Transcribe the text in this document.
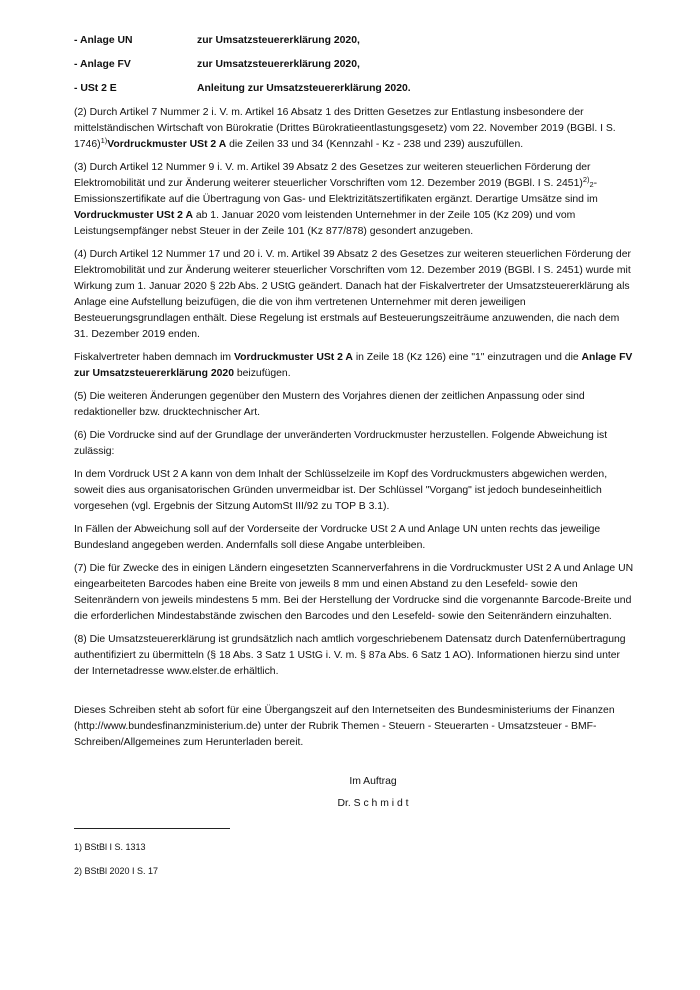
- Anlage UN	zur Umsatzsteuererklärung 2020,
- Anlage FV	zur Umsatzsteuererklärung 2020,
- USt 2 E	Anleitung zur Umsatzsteuererklärung 2020.

(2) Durch Artikel 7 Nummer 2 i. V. m. Artikel 16 Absatz 1 des Dritten Gesetzes zur Entlastung insbesondere der mittelständischen Wirtschaft von Bürokratie (Drittes Bürokratieentlastungsgesetz) vom 22. November 2019 (BGBl. I S. 1746)$^{1)}$Vordruckmuster USt 2 A die Zeilen 33 und 34 (Kennzahl - Kz - 238 und 239) auszufüllen.

(3) Durch Artikel 12 Nummer 9 i. V. m. Artikel 39 Absatz 2 des Gesetzes zur weiteren steuerlichen Förderung der Elektromobilität und zur Änderung weiterer steuerlicher Vorschriften vom 12. Dezember 2019 (BGBl. I S. 2451)$^{2)}$2-Emissionszertifikate auf die Übertragung von Gas- und Elektrizitätszertifikaten ergänzt. Derartige Umsätze sind im Vordruckmuster USt 2 A ab 1. Januar 2020 vom leistenden Unternehmer in der Zeile 105 (Kz 209) und vom Leistungsempfänger nebst Steuer in der Zeile 101 (Kz 877/878) gesondert anzugeben.

(4) Durch Artikel 12 Nummer 17 und 20 i. V. m. Artikel 39 Absatz 2 des Gesetzes zur weiteren steuerlichen Förderung der Elektromobilität und zur Änderung weiterer steuerlicher Vorschriften vom 12. Dezember 2019 (BGBl. I S. 2451) wurde mit Wirkung zum 1. Januar 2020 § 22b Abs. 2 UStG geändert. Danach hat der Fiskalvertreter der Umsatzsteuererklärung als Anlage eine Aufstellung beizufügen, die die von ihm vertretenen Unternehmer mit deren jeweiligen Besteuerungsgrundlagen enthält. Diese Regelung ist erstmals auf Besteuerungszeiträume anzuwenden, die nach dem 31. Dezember 2019 enden.

Fiskalvertreter haben demnach im Vordruckmuster USt 2 A in Zeile 18 (Kz 126) eine "1" einzutragen und die Anlage FV zur Umsatzsteuererklärung 2020 beizufügen.

(5) Die weiteren Änderungen gegenüber den Mustern des Vorjahres dienen der zeitlichen Anpassung oder sind redaktioneller bzw. drucktechnischer Art.

(6) Die Vordrucke sind auf der Grundlage der unveränderten Vordruckmuster herzustellen. Folgende Abweichung ist zulässig:

In dem Vordruck USt 2 A kann von dem Inhalt der Schlüsselzeile im Kopf des Vordruckmusters abgewichen werden, soweit dies aus organisatorischen Gründen unvermeidbar ist. Der Schlüssel "Vorgang" ist jedoch bundeseinheitlich vorgesehen (vgl. Ergebnis der Sitzung AutomSt III/92 zu TOP B 3.1).

In Fällen der Abweichung soll auf der Vorderseite der Vordrucke USt 2 A und Anlage UN unten rechts das jeweilige Bundesland angegeben werden. Andernfalls soll diese Angabe unterbleiben.

(7) Die für Zwecke des in einigen Ländern eingesetzten Scannerverfahrens in die Vordruckmuster USt 2 A und Anlage UN eingearbeiteten Barcodes haben eine Breite von jeweils 8 mm und einen Abstand zu den Lesefeld- sowie den Seitenrändern von jeweils mindestens 5 mm. Bei der Herstellung der Vordrucke sind die vorgenannte Barcode-Breite und die erforderlichen Mindestabstände zwischen den Barcodes und den Lesefeld- sowie den Seitenrändern einzuhalten.

(8) Die Umsatzsteuererklärung ist grundsätzlich nach amtlich vorgeschriebenem Datensatz durch Datenfernübertragung authentifiziert zu übermitteln (§ 18 Abs. 3 Satz 1 UStG i. V. m. § 87a Abs. 6 Satz 1 AO). Informationen hierzu sind unter der Internetadresse www.elster.de erhältlich.

Dieses Schreiben steht ab sofort für eine Übergangszeit auf den Internetseiten des Bundesministeriums der Finanzen (http://www.bundesfinanzministerium.de) unter der Rubrik Themen - Steuern - Steuerarten - Umsatzsteuer - BMF-Schreiben/Allgemeines zum Herunterladen bereit.

Im Auftrag
Dr. S c h m i d t
1) BStBl I S. 1313
2) BStBl 2020 I S. 17
